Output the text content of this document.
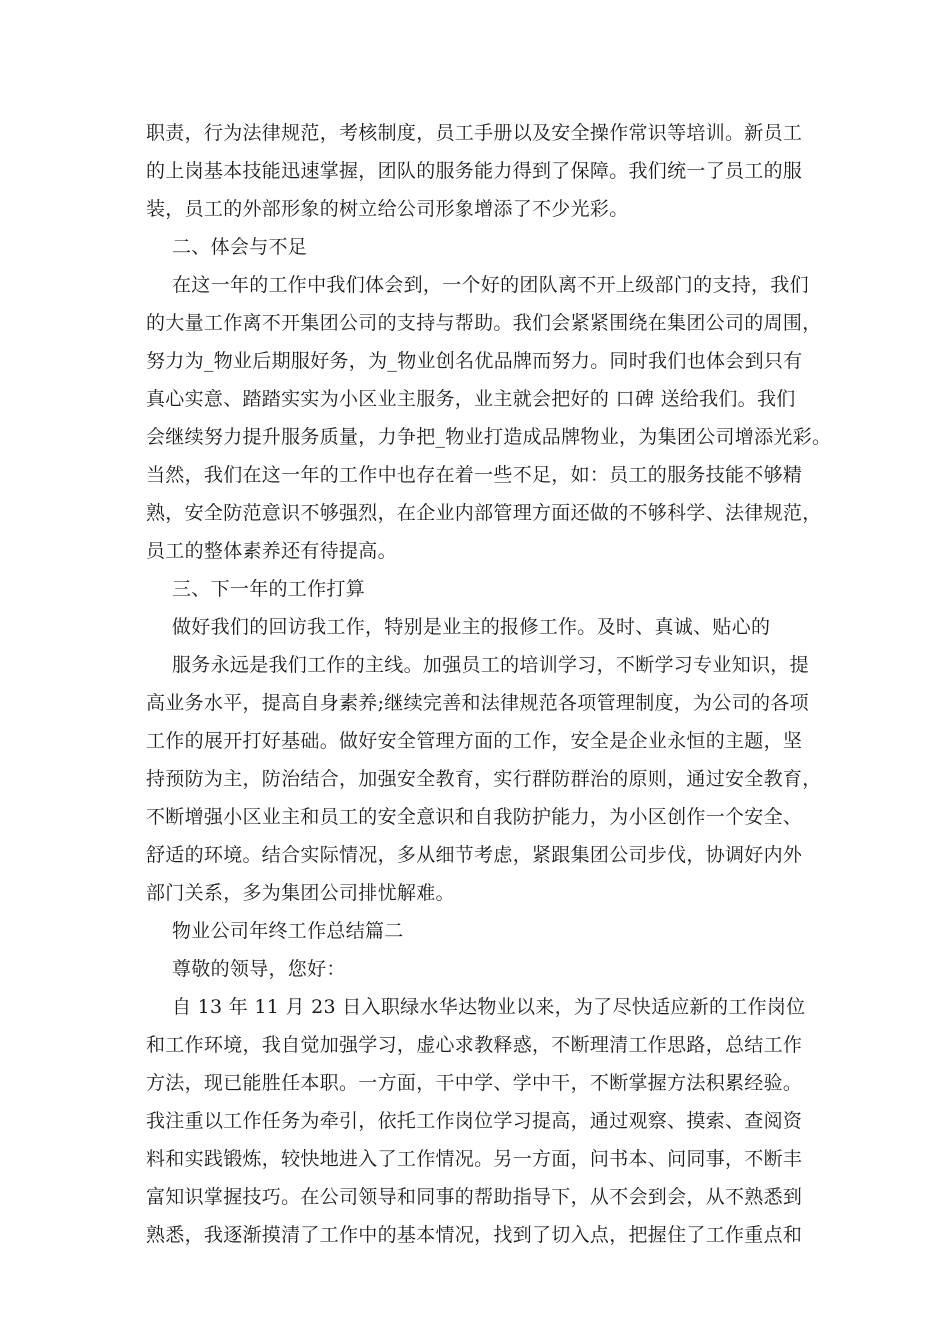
职责，行为法律规范，考核制度，员工手册以及安全操作常识等培训。新员工
的上岗基本技能迅速掌握，团队的服务能力得到了保障。我们统一了员工的服
装，员工的外部形象的树立给公司形象增添了不少光彩。
二、体会与不足
在这一年的工作中我们体会到，一个好的团队离不开上级部门的支持，我们
的大量工作离不开集团公司的支持与帮助。我们会紧紧围绕在集团公司的周围，
努力为_物业后期服好务，为_物业创名优品牌而努力。同时我们也体会到只有
真心实意、踏踏实实为小区业主服务，业主就会把好的 口碑 送给我们。我们
会继续努力提升服务质量，力争把_物业打造成品牌物业，为集团公司增添光彩。
当然，我们在这一年的工作中也存在着一些不足，如：员工的服务技能不够精
熟，安全防范意识不够强烈，在企业内部管理方面还做的不够科学、法律规范，
员工的整体素养还有待提高。
三、下一年的工作打算
做好我们的回访我工作，特别是业主的报修工作。及时、真诚、贴心的
服务永远是我们工作的主线。加强员工的培训学习，不断学习专业知识，提
高业务水平，提高自身素养;继续完善和法律规范各项管理制度，为公司的各项
工作的展开打好基础。做好安全管理方面的工作，安全是企业永恒的主题，坚
持预防为主，防治结合，加强安全教育，实行群防群治的原则，通过安全教育，
不断增强小区业主和员工的安全意识和自我防护能力，为小区创作一个安全、
舒适的环境。结合实际情况，多从细节考虑，紧跟集团公司步伐，协调好内外
部门关系，多为集团公司排忧解难。
物业公司年终工作总结篇二
尊敬的领导，您好：
自 13 年 11 月 23 日入职绿水华达物业以来，为了尽快适应新的工作岗位
和工作环境，我自觉加强学习，虚心求教释惑，不断理清工作思路，总结工作
方法，现已能胜任本职。一方面，干中学、学中干，不断掌握方法积累经验。
我注重以工作任务为牵引，依托工作岗位学习提高，通过观察、摸索、查阅资
料和实践锻炼，较快地进入了工作情况。另一方面，问书本、问同事，不断丰
富知识掌握技巧。在公司领导和同事的帮助指导下，从不会到会，从不熟悉到
熟悉，我逐渐摸清了工作中的基本情况，找到了切入点，把握住了工作重点和
